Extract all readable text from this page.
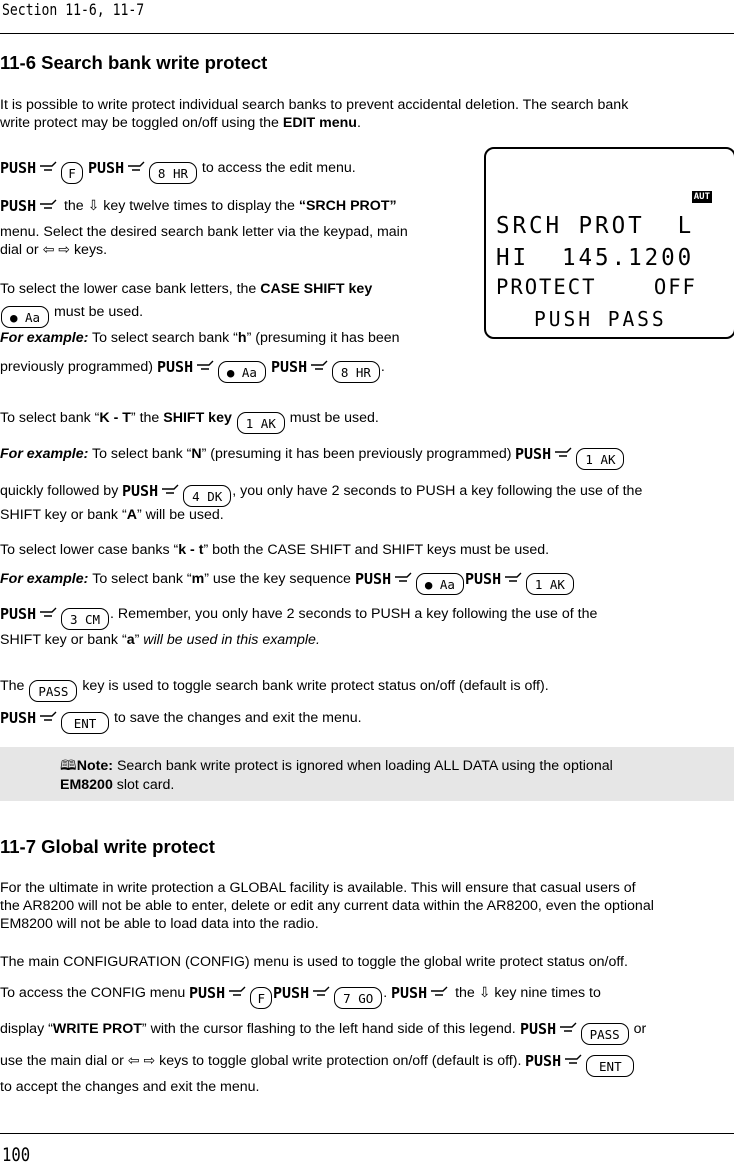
Section 11-6, 11-7
11-6 Search bank write protect
It is possible to write protect individual search banks to prevent accidental deletion. The search bank
write protect may be toggled on/off using the EDIT menu.
PUSH	F PUSH	8 HR to access the edit menu.
PUSH the ⇩ key twelve times to display the “SRCH PROT”
menu. Select the desired search bank letter via the keypad, main
dial or ⇦ ⇨ keys.
To select the lower case bank letters, the CASE SHIFT key
● Aa must be used.
For example: To select search bank “h” (presuming it has been
previously programmed) PUSH	● Aa PUSH	8 HR .
AUT
SRCH PROT  L
HI  145.1200
PROTECT    OFF
PUSH PASS
To select bank “K - T” the SHIFT key 1 AK must be used.
For example: To select bank “N” (presuming it has been previously programmed) PUSH	1 AK
quickly followed by PUSH	4 DK , you only have 2 seconds to PUSH a key following the use of the
SHIFT key or bank “A” will be used.
To select lower case banks “k - t” both the CASE SHIFT and SHIFT keys must be used.
For example: To select bank “m” use the key sequence PUSH	● Aa PUSH	1 AK
PUSH	3 CM . Remember, you only have 2 seconds to PUSH a key following the use of the
SHIFT key or bank “a” will be used in this example.
The PASS key is used to toggle search bank write protect status on/off (default is off).
PUSH	ENT to save the changes and exit the menu.
🕮Note: Search bank write protect is ignored when loading ALL DATA using the optional
EM8200 slot card.
11-7 Global write protect
For the ultimate in write protection a GLOBAL facility is available. This will ensure that casual users of
the AR8200 will not be able to enter, delete or edit any current data within the AR8200, even the optional
EM8200 will not be able to load data into the radio.
The main CONFIGURATION (CONFIG) menu is used to toggle the global write protect status on/off.
To access the CONFIG menu PUSH	F PUSH	7 GO . PUSH the ⇩ key nine times to
display “WRITE PROT” with the cursor flashing to the left hand side of this legend. PUSH	PASS or
use the main dial or ⇦ ⇨ keys to toggle global write protection on/off (default is off). PUSH	ENT
to accept the changes and exit the menu.
100
